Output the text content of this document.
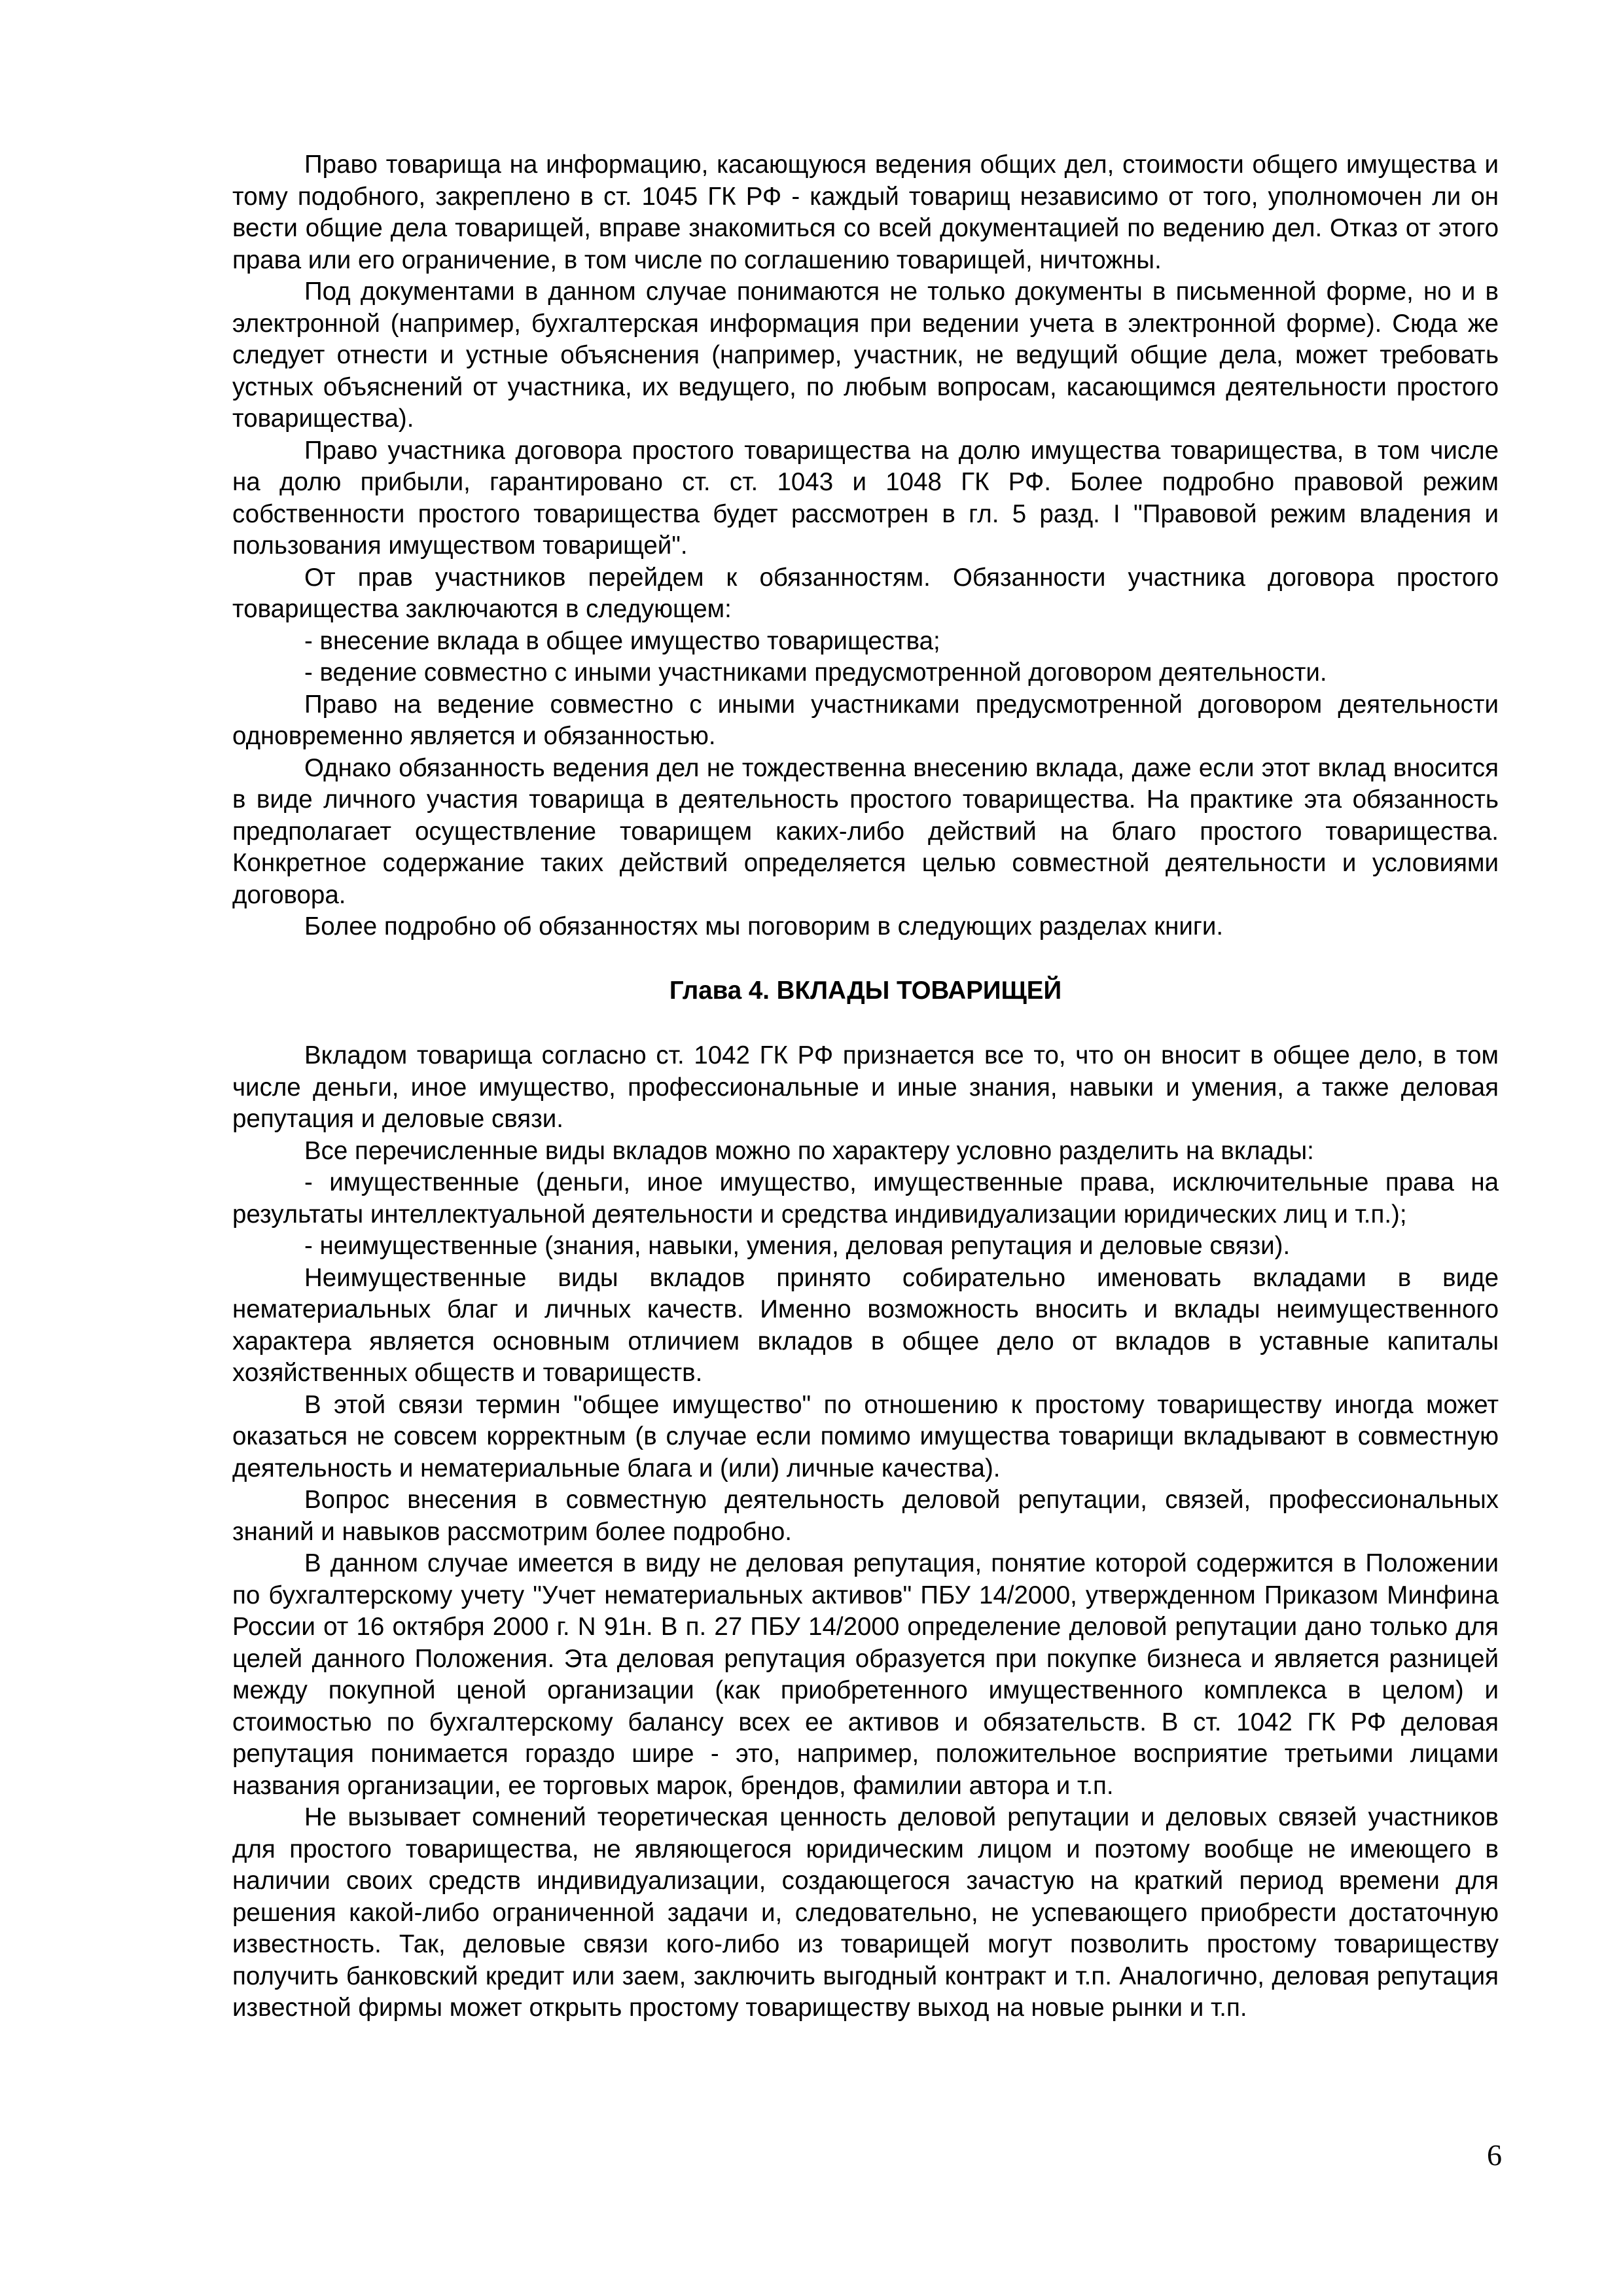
Право товарища на информацию, касающуюся ведения общих дел, стоимости общего имущества и тому подобного, закреплено в ст. 1045 ГК РФ - каждый товарищ независимо от того, уполномочен ли он вести общие дела товарищей, вправе знакомиться со всей документацией по ведению дел. Отказ от этого права или его ограничение, в том числе по соглашению товарищей, ничтожны.

Под документами в данном случае понимаются не только документы в письменной форме, но и в электронной (например, бухгалтерская информация при ведении учета в электронной форме). Сюда же следует отнести и устные объяснения (например, участник, не ведущий общие дела, может требовать устных объяснений от участника, их ведущего, по любым вопросам, касающимся деятельности простого товарищества).

Право участника договора простого товарищества на долю имущества товарищества, в том числе на долю прибыли, гарантировано ст. ст. 1043 и 1048 ГК РФ. Более подробно правовой режим собственности простого товарищества будет рассмотрен в гл. 5 разд. I "Правовой режим владения и пользования имуществом товарищей".

От прав участников перейдем к обязанностям. Обязанности участника договора простого товарищества заключаются в следующем:

- внесение вклада в общее имущество товарищества;

- ведение совместно с иными участниками предусмотренной договором деятельности.

Право на ведение совместно с иными участниками предусмотренной договором деятельности одновременно является и обязанностью.

Однако обязанность ведения дел не тождественна внесению вклада, даже если этот вклад вносится в виде личного участия товарища в деятельность простого товарищества. На практике эта обязанность предполагает осуществление товарищем каких-либо действий на благо простого товарищества. Конкретное содержание таких действий определяется целью совместной деятельности и условиями договора.

Более подробно об обязанностях мы поговорим в следующих разделах книги.

Глава 4. ВКЛАДЫ ТОВАРИЩЕЙ

Вкладом товарища согласно ст. 1042 ГК РФ признается все то, что он вносит в общее дело, в том числе деньги, иное имущество, профессиональные и иные знания, навыки и умения, а также деловая репутация и деловые связи.

Все перечисленные виды вкладов можно по характеру условно разделить на вклады:

- имущественные (деньги, иное имущество, имущественные права, исключительные права на результаты интеллектуальной деятельности и средства индивидуализации юридических лиц и т.п.);

- неимущественные (знания, навыки, умения, деловая репутация и деловые связи).

Неимущественные виды вкладов принято собирательно именовать вкладами в виде нематериальных благ и личных качеств. Именно возможность вносить и вклады неимущественного характера является основным отличием вкладов в общее дело от вкладов в уставные капиталы хозяйственных обществ и товариществ.

В этой связи термин "общее имущество" по отношению к простому товариществу иногда может оказаться не совсем корректным (в случае если помимо имущества товарищи вкладывают в совместную деятельность и нематериальные блага и (или) личные качества).

Вопрос внесения в совместную деятельность деловой репутации, связей, профессиональных знаний и навыков рассмотрим более подробно.

В данном случае имеется в виду не деловая репутация, понятие которой содержится в Положении по бухгалтерскому учету "Учет нематериальных активов" ПБУ 14/2000, утвержденном Приказом Минфина России от 16 октября 2000 г. N 91н. В п. 27 ПБУ 14/2000 определение деловой репутации дано только для целей данного Положения. Эта деловая репутация образуется при покупке бизнеса и является разницей между покупной ценой организации (как приобретенного имущественного комплекса в целом) и стоимостью по бухгалтерскому балансу всех ее активов и обязательств. В ст. 1042 ГК РФ деловая репутация понимается гораздо шире - это, например, положительное восприятие третьими лицами названия организации, ее торговых марок, брендов, фамилии автора и т.п.

Не вызывает сомнений теоретическая ценность деловой репутации и деловых связей участников для простого товарищества, не являющегося юридическим лицом и поэтому вообще не имеющего в наличии своих средств индивидуализации, создающегося зачастую на краткий период времени для решения какой-либо ограниченной задачи и, следовательно, не успевающего приобрести достаточную известность. Так, деловые связи кого-либо из товарищей могут позволить простому товариществу получить банковский кредит или заем, заключить выгодный контракт и т.п. Аналогично, деловая репутация известной фирмы может открыть простому товариществу выход на новые рынки и т.п.

6
